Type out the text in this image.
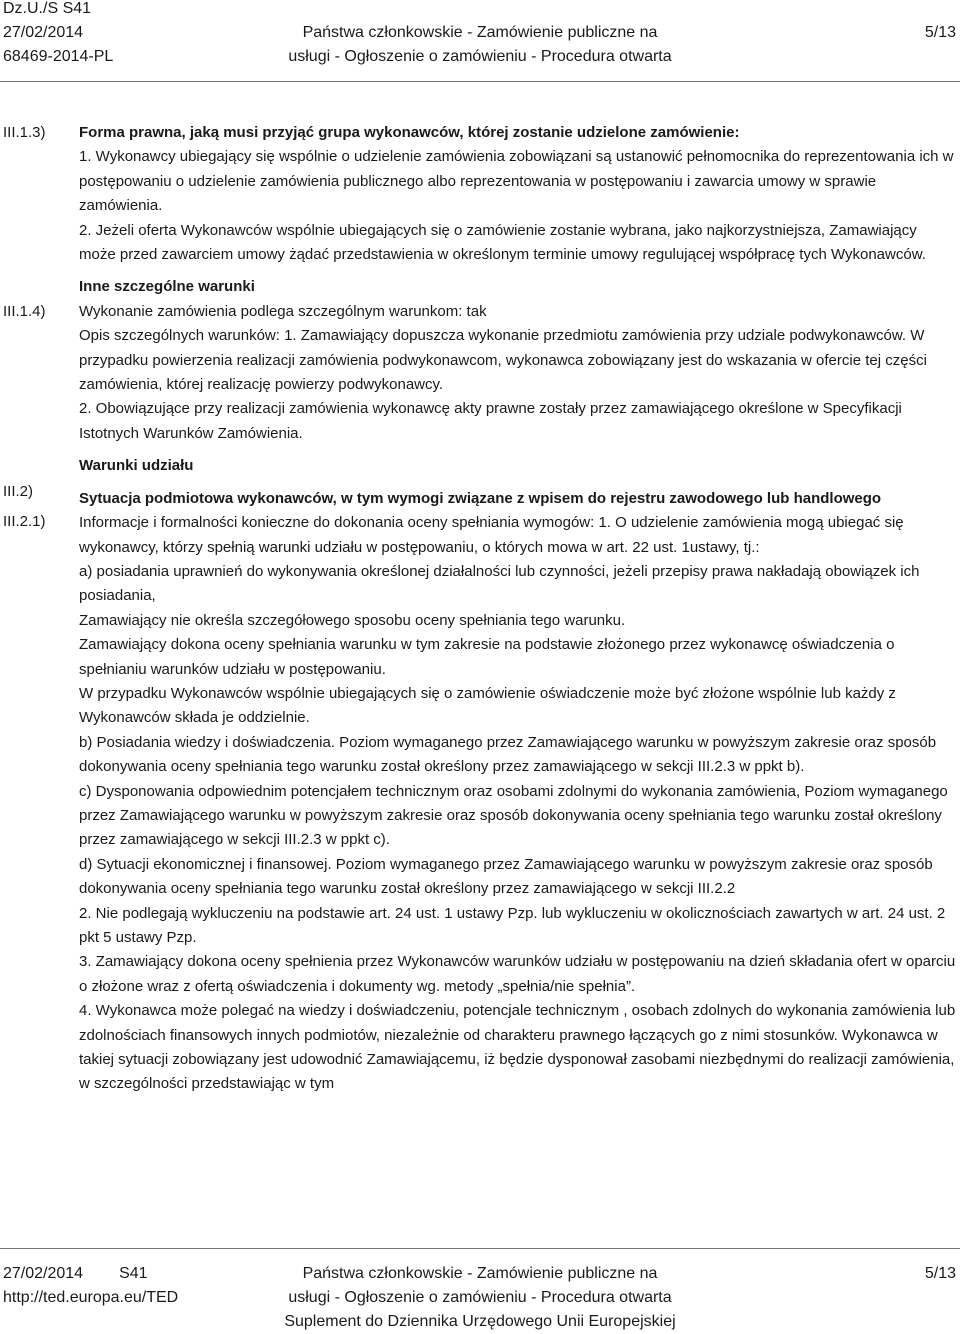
Dz.U./S S41
27/02/2014
68469-2014-PL
Państwa członkowskie - Zamówienie publiczne na
usługi - Ogłoszenie o zamówieniu - Procedura otwarta
5/13
III.1.3)
III.1.4)
III.2)
III.2.1)

Forma prawna, jaką musi przyjąć grupa wykonawców, której zostanie udzielone zamówienie:

1. Wykonawcy ubiegający się wspólnie o udzielenie zamówienia zobowiązani są ustanowić pełnomocnika do reprezentowania ich w postępowaniu o udzielenie zamówienia publicznego albo reprezentowania w postępowaniu i zawarcia umowy w sprawie zamówienia.

2. Jeżeli oferta Wykonawców wspólnie ubiegających się o zamówienie zostanie wybrana, jako najkorzystniejsza, Zamawiający może przed zawarciem umowy żądać przedstawienia w określonym terminie umowy regulującej współpracę tych Wykonawców.

Inne szczególne warunki

Wykonanie zamówienia podlega szczególnym warunkom: tak

Opis szczególnych warunków: 1. Zamawiający dopuszcza wykonanie przedmiotu zamówienia przy udziale podwykonawców. W przypadku powierzenia realizacji zamówienia podwykonawcom, wykonawca zobowiązany jest do wskazania w ofercie tej części zamówienia, której realizację powierzy podwykonawcy.

2. Obowiązujące przy realizacji zamówienia wykonawcę akty prawne zostały przez zamawiającego określone w Specyfikacji Istotnych Warunków Zamówienia.

Warunki udziału

Sytuacja podmiotowa wykonawców, w tym wymogi związane z wpisem do rejestru zawodowego lub handlowego

Informacje i formalności konieczne do dokonania oceny spełniania wymogów: 1. O udzielenie zamówienia mogą ubiegać się wykonawcy, którzy spełnią warunki udziału w postępowaniu, o których mowa w art. 22 ust. 1ustawy, tj.:

a) posiadania uprawnień do wykonywania określonej działalności lub czynności, jeżeli przepisy prawa nakładają obowiązek ich posiadania,

Zamawiający nie określa szczegółowego sposobu oceny spełniania tego warunku.

Zamawiający dokona oceny spełniania warunku w tym zakresie na podstawie złożonego przez wykonawcę oświadczenia o spełnianiu warunków udziału w postępowaniu.

W przypadku Wykonawców wspólnie ubiegających się o zamówienie oświadczenie może być złożone wspólnie lub każdy z Wykonawców składa je oddzielnie.

b) Posiadania wiedzy i doświadczenia. Poziom wymaganego przez Zamawiającego warunku w powyższym zakresie oraz sposób dokonywania oceny spełniania tego warunku został określony przez zamawiającego w sekcji III.2.3 w ppkt b).

c) Dysponowania odpowiednim potencjałem technicznym oraz osobami zdolnymi do wykonania zamówienia, Poziom wymaganego przez Zamawiającego warunku w powyższym zakresie oraz sposób dokonywania oceny spełniania tego warunku został określony przez zamawiającego w sekcji III.2.3 w ppkt c).

d) Sytuacji ekonomicznej i finansowej. Poziom wymaganego przez Zamawiającego warunku w powyższym zakresie oraz sposób dokonywania oceny spełniania tego warunku został określony przez zamawiającego w sekcji III.2.2

2. Nie podlegają wykluczeniu na podstawie art. 24 ust. 1 ustawy Pzp. lub wykluczeniu w okolicznościach zawartych w art. 24 ust. 2 pkt 5 ustawy Pzp.

3. Zamawiający dokona oceny spełnienia przez Wykonawców warunków udziału w postępowaniu na dzień składania ofert w oparciu o złożone wraz z ofertą oświadczenia i dokumenty wg. metody „spełnia/nie spełnia”.

4. Wykonawca może polegać na wiedzy i doświadczeniu, potencjale technicznym , osobach zdolnych do wykonania zamówienia lub zdolnościach finansowych innych podmiotów, niezależnie od charakteru prawnego łączących go z nimi stosunków. Wykonawca w takiej sytuacji zobowiązany jest udowodnić Zamawiającemu, iż będzie dysponował zasobami niezbędnymi do realizacji zamówienia, w szczególności przedstawiając w tym

27/02/2014 S41
http://ted.europa.eu/TED
Państwa członkowskie - Zamówienie publiczne na
usługi - Ogłoszenie o zamówieniu - Procedura otwarta
Suplement do Dziennika Urzędowego Unii Europejskiej
5/13
